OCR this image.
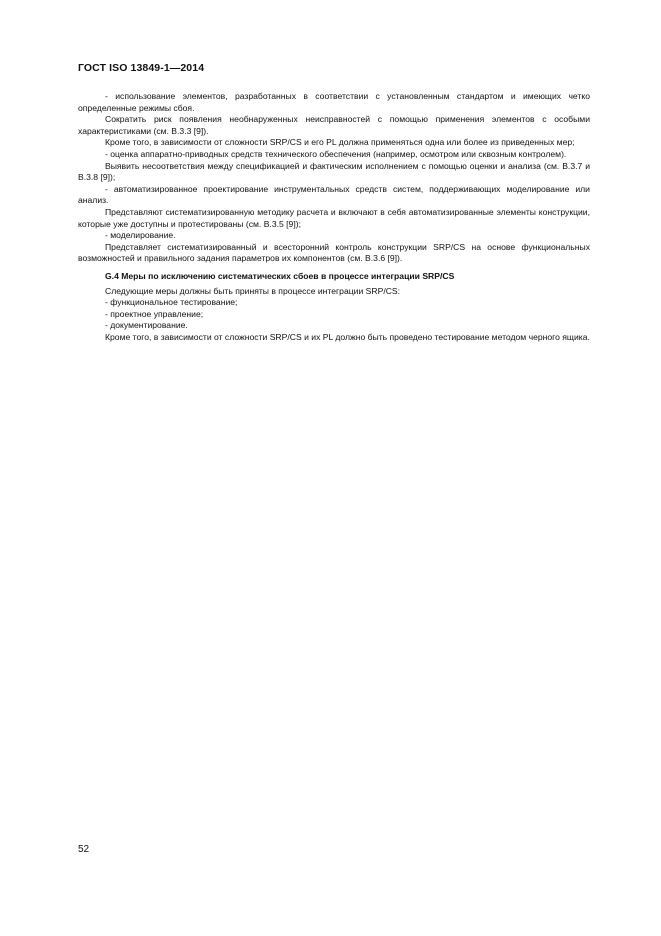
ГОСТ ISO 13849-1—2014

- использование элементов, разработанных в соответствии с установленным стандартом и имеющих четко определенные режимы сбоя.

Сократить риск появления необнаруженных неисправностей с помощью применения элементов с особыми характеристиками (см. В.3.3 [9]).

Кроме того, в зависимости от сложности SRP/CS и его PL должна применяться одна или более из приведенных мер;

- оценка аппаратно-приводных средств технического обеспечения (например, осмотром или сквозным контролем).

Выявить несоответствия между спецификацией и фактическим исполнением с помощью оценки и анализа (см. В.3.7 и В.3.8 [9]);

- автоматизированное проектирование инструментальных средств систем, поддерживающих моделирование или анализ.

Представляют систематизированную методику расчета и включают в себя автоматизированные элементы конструкции, которые уже доступны и протестированы (см. В.3.5 [9]);

- моделирование.

Представляет систематизированный и всесторонний контроль конструкции SRP/CS на основе функциональных возможностей и правильного задания параметров их компонентов (см. В.3.6 [9]).

G.4 Меры по исключению систематических сбоев в процессе интеграции SRP/CS

Следующие меры должны быть приняты в процессе интеграции SRP/CS:

- функциональное тестирование;

- проектное управление;

- документирование.

Кроме того, в зависимости от сложности SRP/CS и их PL должно быть проведено тестирование методом черного ящика.

52
